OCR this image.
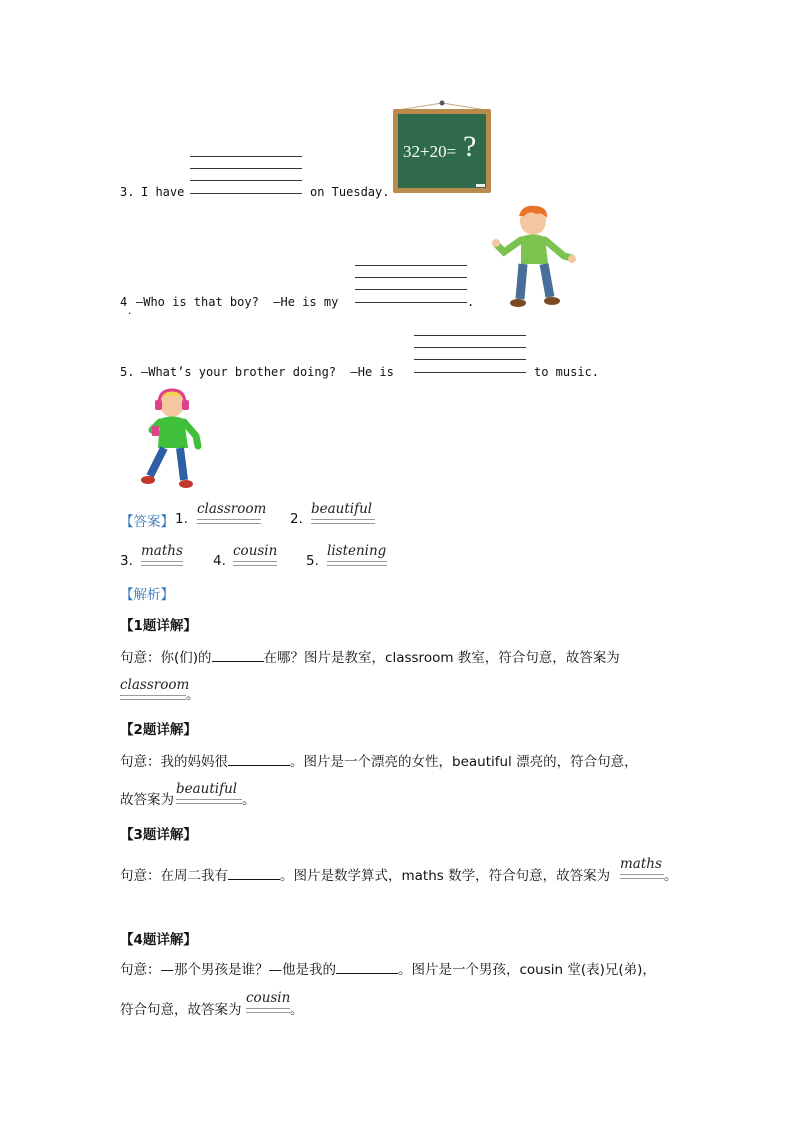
3. I have	on Tuesday.
32+20= ?
4
.
—Who is that boy?  —He is my	.
5. —What’s your brother doing?  —He is	to music.
【答案】 1.
classroom
2.
beautiful
3.
maths
4.
cousin
5.
listening
【解析】
【1题详解】
句意：你(们)的	在哪？图片是教室，classroom 教室，符合句意，故答案为
classroom
。
【2题详解】
句意：我的妈妈很	。图片是一个漂亮的女性，beautiful 漂亮的，符合句意，
故答案为
beautiful
。
【3题详解】
句意：在周二我有	。图片是数学算式，maths 数学，符合句意，故答案为
maths
。
【4题详解】
句意：—那个男孩是谁？—他是我的	。图片是一个男孩，cousin 堂(表)兄(弟)，
符合句意，故答案为
cousin
。
